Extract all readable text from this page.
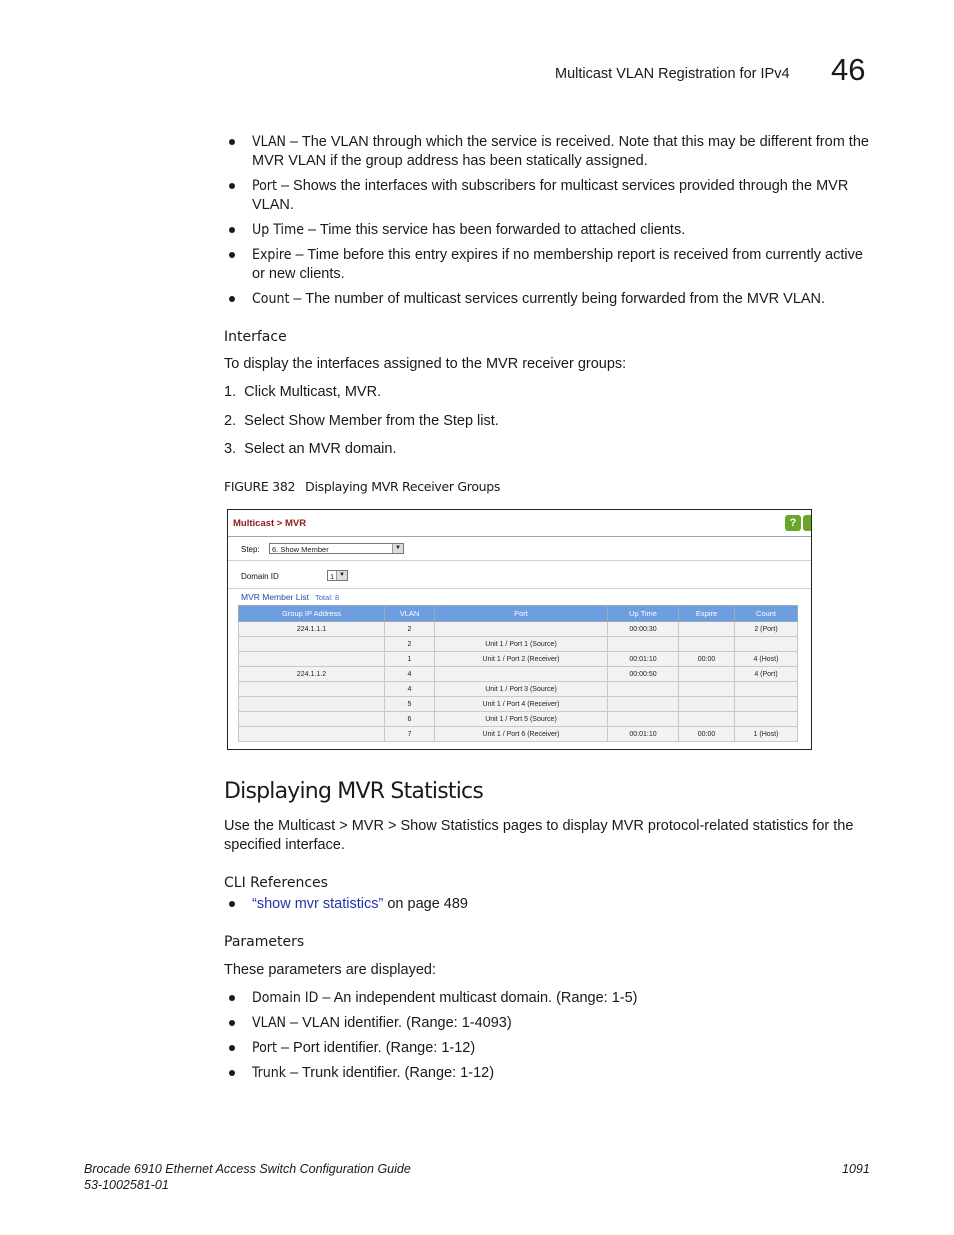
Multicast VLAN Registration for IPv4 46
VLAN – The VLAN through which the service is received. Note that this may be different from the MVR VLAN if the group address has been statically assigned.
Port – Shows the interfaces with subscribers for multicast services provided through the MVR VLAN.
Up Time – Time this service has been forwarded to attached clients.
Expire – Time before this entry expires if no membership report is received from currently active or new clients.
Count – The number of multicast services currently being forwarded from the MVR VLAN.
Interface
To display the interfaces assigned to the MVR receiver groups:
1.  Click Multicast, MVR.
2.  Select Show Member from the Step list.
3.  Select an MVR domain.
FIGURE 382 Displaying MVR Receiver Groups
Multicast > MVR	?
Step:	6. Show Member	▼
Domain ID	1 ▼
MVR Member List Total: 8
Group IP Address	VLAN	Port	Up Time	Expire	Count
224.1.1.1	2		00:00:30		2 (Port)
	2	Unit 1 / Port 1 (Source)			
	1	Unit 1 / Port 2 (Receiver)	00:01:10	00:00	4 (Host)
224.1.1.2	4		00:00:50		4 (Port)
	4	Unit 1 / Port 3 (Source)			
	5	Unit 1 / Port 4 (Receiver)			
	6	Unit 1 / Port 5 (Source)			
	7	Unit 1 / Port 6 (Receiver)	00:01:10	00:00	1 (Host)
Displaying MVR Statistics
Use the Multicast > MVR > Show Statistics pages to display MVR protocol-related statistics for the specified interface.
CLI References
“show mvr statistics” on page 489
Parameters
These parameters are displayed:
Domain ID – An independent multicast domain. (Range: 1-5)
VLAN – VLAN identifier. (Range: 1-4093)
Port – Port identifier. (Range: 1-12)
Trunk – Trunk identifier. (Range: 1-12)
Brocade 6910 Ethernet Access Switch Configuration Guide
53-1002581-01
1091
